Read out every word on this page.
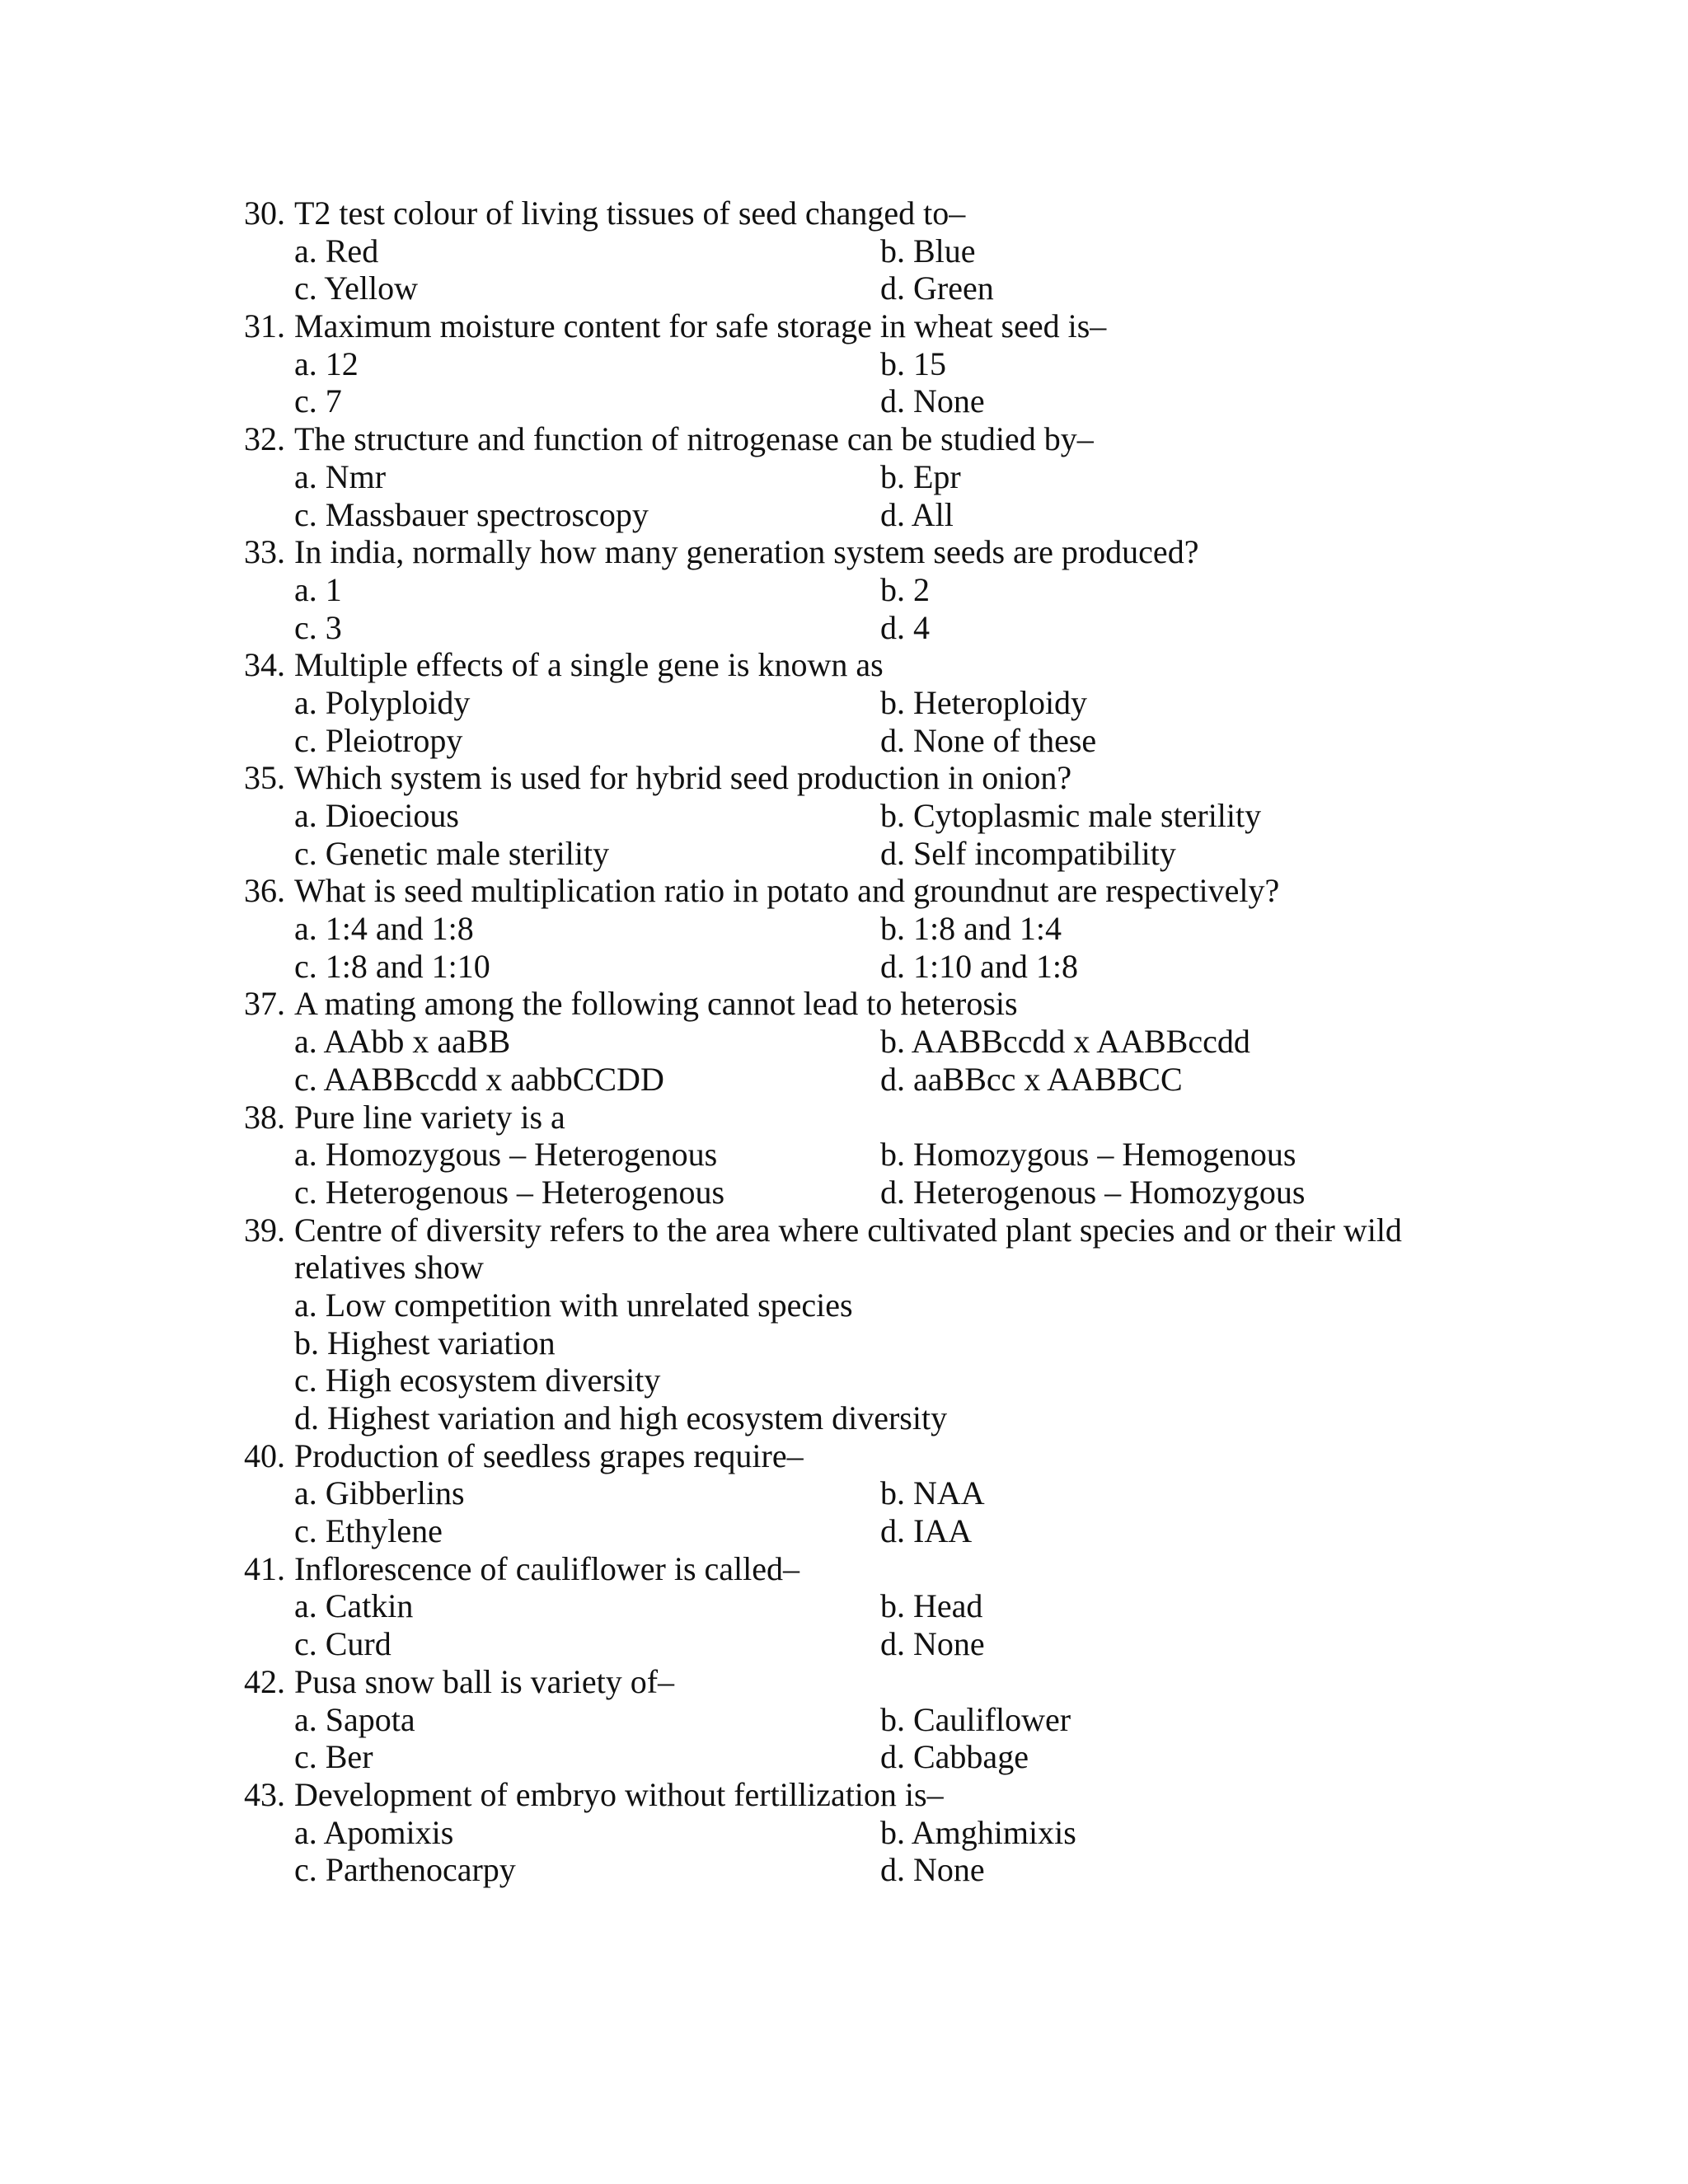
30. T2 test colour of living tissues of seed changed to–
a. Red	b. Blue
c. Yellow	d. Green
31. Maximum moisture content for safe storage in wheat seed is–
a. 12	b. 15
c. 7	d. None
32. The structure and function of nitrogenase can be studied by–
a. Nmr	b. Epr
c. Massbauer spectroscopy	d. All
33. In india, normally how many generation system seeds are produced?
a. 1	b. 2
c. 3	d. 4
34. Multiple effects of a single gene is known as
a. Polyploidy	b. Heteroploidy
c. Pleiotropy	d. None of these
35. Which system is used for hybrid seed production in onion?
a. Dioecious	b. Cytoplasmic male sterility
c. Genetic male sterility	d. Self incompatibility
36. What is seed multiplication ratio in potato and groundnut are respectively?
a. 1:4 and 1:8	b. 1:8 and 1:4
c. 1:8 and 1:10	d. 1:10 and 1:8
37. A mating among the following cannot lead to heterosis
a. AAbb x aaBB	b. AABBccdd x AABBccdd
c. AABBccdd x aabbCCDD	d. aaBBcc x AABBCC
38. Pure line variety is a
a. Homozygous – Heterogenous	b. Homozygous – Hemogenous
c. Heterogenous – Heterogenous	d. Heterogenous – Homozygous
39. Centre of diversity refers to the area where cultivated plant species and or their wild relatives show
a. Low competition with unrelated species
b. Highest variation
c. High ecosystem diversity
d. Highest variation and high ecosystem diversity
40. Production of seedless grapes require–
a. Gibberlins	b. NAA
c. Ethylene	d. IAA
41. Inflorescence of cauliflower is called–
a. Catkin	b. Head
c. Curd	d. None
42. Pusa snow ball is variety of–
a. Sapota	b. Cauliflower
c. Ber	d. Cabbage
43. Development of embryo without fertillization is–
a. Apomixis	b. Amghimixis
c. Parthenocarpy	d. None
